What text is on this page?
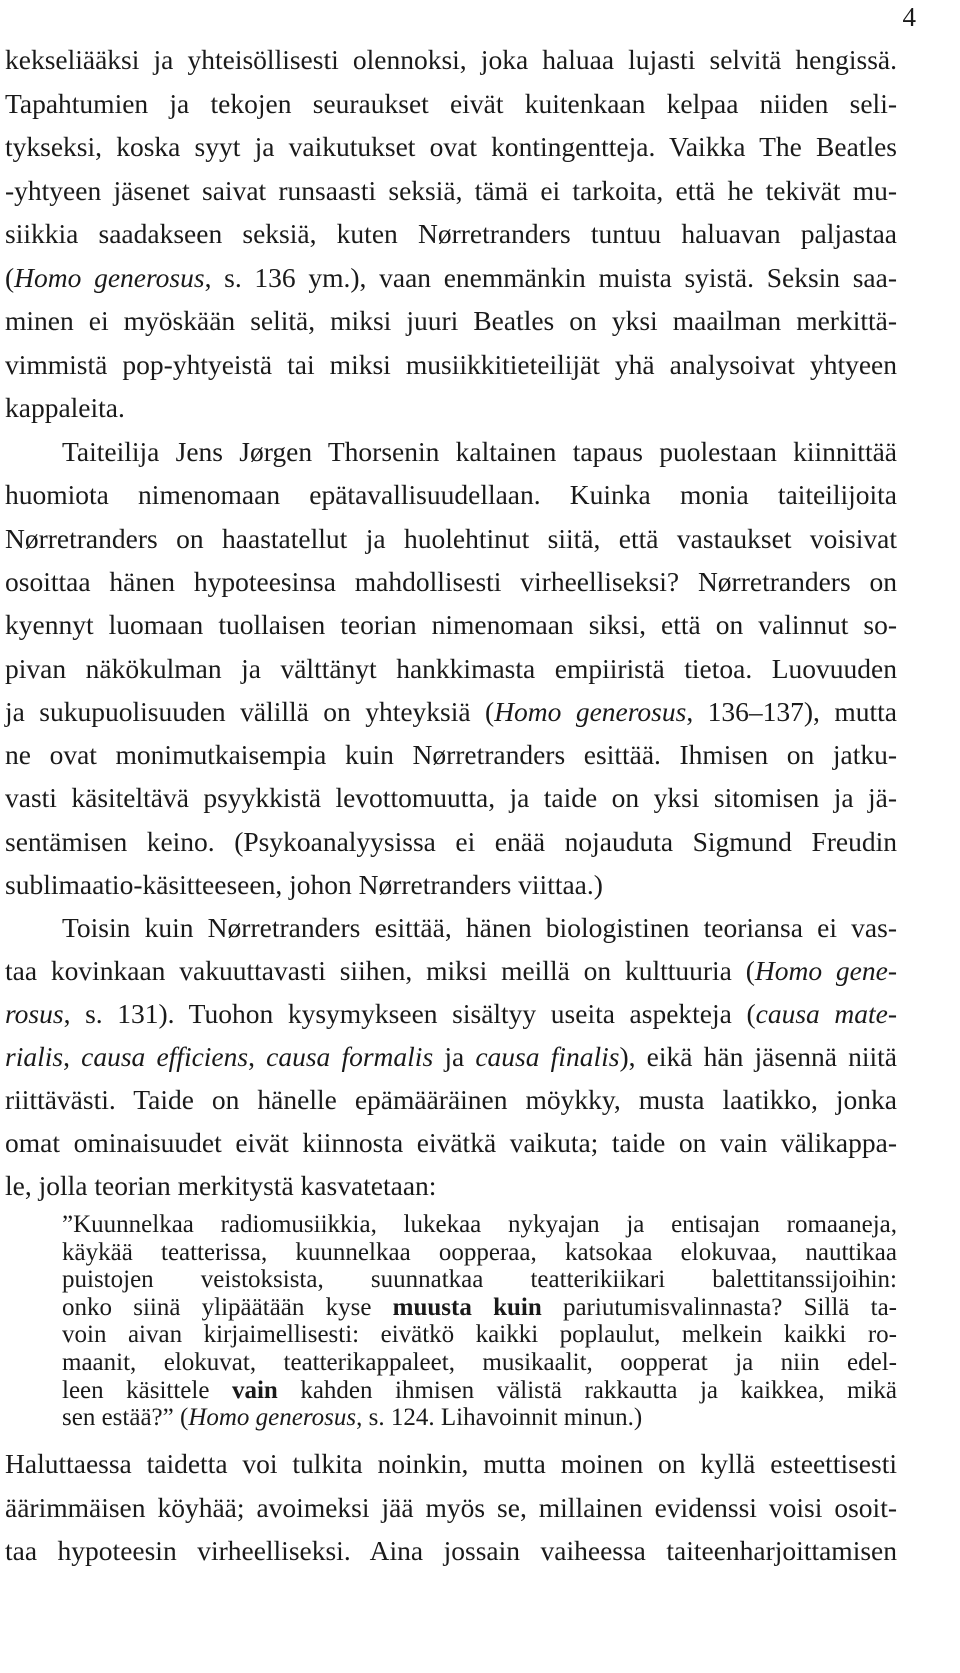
4
kekseliääksi ja yhteisöllisesti olennoksi, joka haluaa lujasti selvitä hengissä.
Tapahtumien ja tekojen seuraukset eivät kuitenkaan kelpaa niiden seli-
tykseksi, koska syyt ja vaikutukset ovat kontingentteja. Vaikka The Beatles
-yhtyeen jäsenet saivat runsaasti seksiä, tämä ei tarkoita, että he tekivät mu-
siikkia saadakseen seksiä, kuten Nørretranders tuntuu haluavan paljastaa
(Homo generosus, s. 136 ym.), vaan enemmänkin muista syistä. Seksin saa-
minen ei myöskään selitä, miksi juuri Beatles on yksi maailman merkittä-
vimmistä pop-yhtyeistä tai miksi musiikkitieteilijät yhä analysoivat yhtyeen
kappaleita.
Taiteilija Jens Jørgen Thorsenin kaltainen tapaus puolestaan kiinnittää
huomiota nimenomaan epätavallisuudellaan. Kuinka monia taiteilijoita
Nørretranders on haastatellut ja huolehtinut siitä, että vastaukset voisivat
osoittaa hänen hypoteesinsa mahdollisesti virheelliseksi? Nørretranders on
kyennyt luomaan tuollaisen teorian nimenomaan siksi, että on valinnut so-
pivan näkökulman ja välttänyt hankkimasta empiiristä tietoa. Luovuuden
ja sukupuolisuuden välillä on yhteyksiä (Homo generosus, 136–137), mutta
ne ovat monimutkaisempia kuin Nørretranders esittää. Ihmisen on jatku-
vasti käsiteltävä psyykkistä levottomuutta, ja taide on yksi sitomisen ja jä-
sentämisen keino. (Psykoanalyysissa ei enää nojauduta Sigmund Freudin
sublimaatio-käsitteeseen, johon Nørretranders viittaa.)
Toisin kuin Nørretranders esittää, hänen biologistinen teoriansa ei vas-
taa kovinkaan vakuuttavasti siihen, miksi meillä on kulttuuria (Homo gene-
rosus, s. 131). Tuohon kysymykseen sisältyy useita aspekteja (causa mate-
rialis, causa efficiens, causa formalis ja causa finalis), eikä hän jäsennä niitä
riittävästi. Taide on hänelle epämääräinen möykky, musta laatikko, jonka
omat ominaisuudet eivät kiinnosta eivätkä vaikuta; taide on vain välikappa-
le, jolla teorian merkitystä kasvatetaan:
”Kuunnelkaa radiomusiikkia, lukekaa nykyajan ja entisajan romaaneja,
käykää teatterissa, kuunnelkaa oopperaa, katsokaa elokuvaa, nauttikaa
puistojen veistoksista, suunnatkaa teatterikiikari balettitanssijoihin:
onko siinä ylipäätään kyse muusta kuin pariutumisvalinnasta? Sillä ta-
voin aivan kirjaimellisesti: eivätkö kaikki poplaulut, melkein kaikki ro-
maanit, elokuvat, teatterikappaleet, musikaalit, oopperat ja niin edel-
leen käsittele vain kahden ihmisen välistä rakkautta ja kaikkea, mikä
sen estää?” (Homo generosus, s. 124. Lihavoinnit minun.)
Haluttaessa taidetta voi tulkita noinkin, mutta moinen on kyllä esteettisesti
äärimmäisen köyhää; avoimeksi jää myös se, millainen evidenssi voisi osoit-
taa hypoteesin virheelliseksi. Aina jossain vaiheessa taiteenharjoittamisen
